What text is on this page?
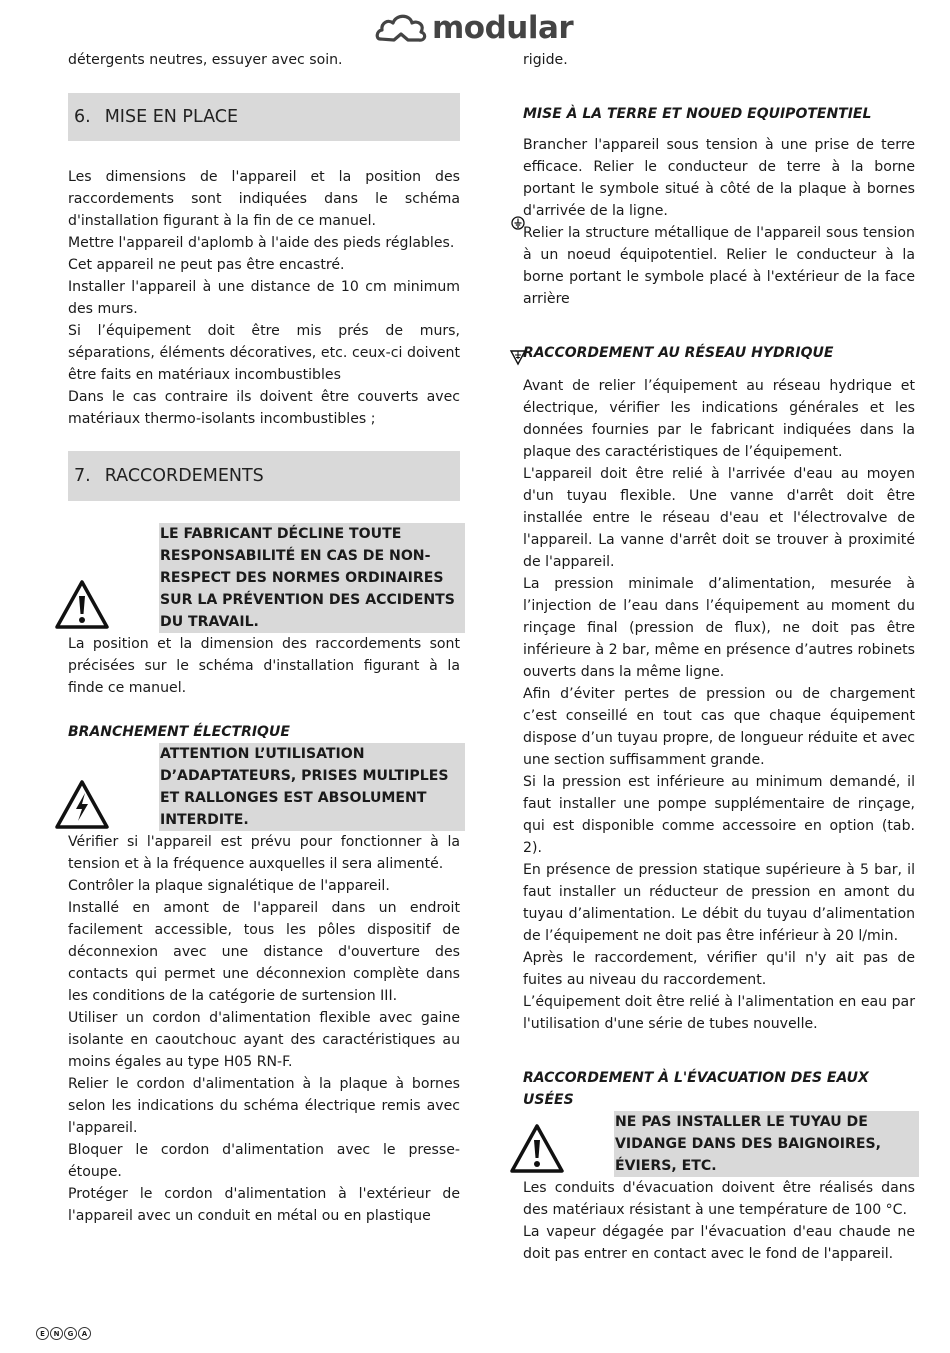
modular

détergents neutres, essuyer avec soin.

6. MISE EN PLACE

Les dimensions de l'appareil et la position des raccordements sont indiquées dans le schéma d'installation figurant à la fin de ce manuel.

Mettre l'appareil d'aplomb à l'aide des pieds réglables.

Cet appareil ne peut pas être encastré.

Installer l'appareil à une distance de 10 cm minimum des murs.

Si l’équipement doit être mis prés de murs, séparations, éléments décoratives, etc. ceux-ci doivent être faits en matériaux incombustibles

Dans le cas contraire ils doivent être couverts avec matériaux thermo-isolants incombustibles ;

7. RACCORDEMENTS
LE FABRICANT DÉCLINE TOUTE RESPONSABILITÉ EN CAS DE NON-RESPECT DES NORMES ORDINAIRES SUR LA PRÉVENTION DES ACCIDENTS DU TRAVAIL.

La position et la dimension des raccordements sont précisées sur le schéma d'installation figurant à la finde ce manuel.

BRANCHEMENT ÉLECTRIQUE
ATTENTION L’UTILISATION D’ADAPTATEURS, PRISES MULTIPLES ET RALLONGES EST ABSOLUMENT INTERDITE.

Vérifier si l'appareil est prévu pour fonctionner à la tension et à la fréquence auxquelles il sera alimenté.

Contrôler la plaque signalétique de l'appareil.

Installé en amont de l'appareil dans un endroit facilement accessible, tous les pôles dispositif de déconnexion avec une distance d'ouverture des contacts qui permet une déconnexion complète dans les conditions de la catégorie de surtension III.

Utiliser un cordon d'alimentation flexible avec gaine isolante en caoutchouc ayant des caractéristiques au moins égales au type H05 RN-F.

Relier le cordon d'alimentation à la plaque à bornes selon les indications du schéma électrique remis avec l'appareil.

Bloquer le cordon d'alimentation avec le presse-étoupe.

Protéger le cordon d'alimentation à l'extérieur de l'appareil avec un conduit en métal ou en plastique

rigide.

MISE À LA TERRE ET NOUED EQUIPOTENTIEL

Brancher l'appareil sous tension à une prise de terre efficace. Relier le conducteur de terre à la borne portant le symbole situé à côté de la plaque à bornes d'arrivée de la ligne.

Relier la structure métallique de l'appareil sous tension à un noeud équipotentiel. Relier le conducteur à la borne portant le symbole placé à l'extérieur de la face arrière

RACCORDEMENT AU RÉSEAU HYDRIQUE

Avant de relier l’équipement au réseau hydrique et électrique, vérifier les indications générales et les données fournies par le fabricant indiquées dans la plaque des caractéristiques de l’équipement.

L'appareil doit être relié à l'arrivée d'eau au moyen d'un tuyau flexible. Une vanne d'arrêt doit être installée entre le réseau d'eau et l'électrovalve de l'appareil. La vanne d'arrêt doit se trouver à proximité de l'appareil.

La pression minimale d’alimentation, mesurée à l’injection de l’eau dans l’équipement au moment du rinçage final (pression de flux), ne doit pas être inférieure à 2 bar, même en présence d’autres robinets ouverts dans la même ligne.

Afin d’éviter pertes de pression ou de chargement c’est conseillé en tout cas que chaque équipement dispose d’un tuyau propre, de longueur réduite et avec une section suffisamment grande.

Si la pression est inférieure au minimum demandé, il faut installer une pompe supplémentaire de rinçage, qui est disponible comme accessoire en option (tab. 2).

En présence de pression statique supérieure à 5 bar, il faut installer un réducteur de pression en amont du tuyau d’alimentation. Le débit du tuyau d’alimentation de l’équipement ne doit pas être inférieur à 20 l/min.

Après le raccordement, vérifier qu'il n'y ait pas de fuites au niveau du raccordement.

L’équipement doit être relié à l'alimentation en eau par l'utilisation d'une série de tubes nouvelle.

RACCORDEMENT À L'ÉVACUATION DES EAUX USÉES
NE PAS INSTALLER LE TUYAU DE VIDANGE DANS DES BAIGNOIRES, ÉVIERS, ETC.

Les conduits d'évacuation doivent être réalisés dans des matériaux résistant à une température de 100 °C.

La vapeur dégagée par l'évacuation d'eau chaude ne doit pas entrer en contact avec le fond de l'appareil.

E	N	G	A
